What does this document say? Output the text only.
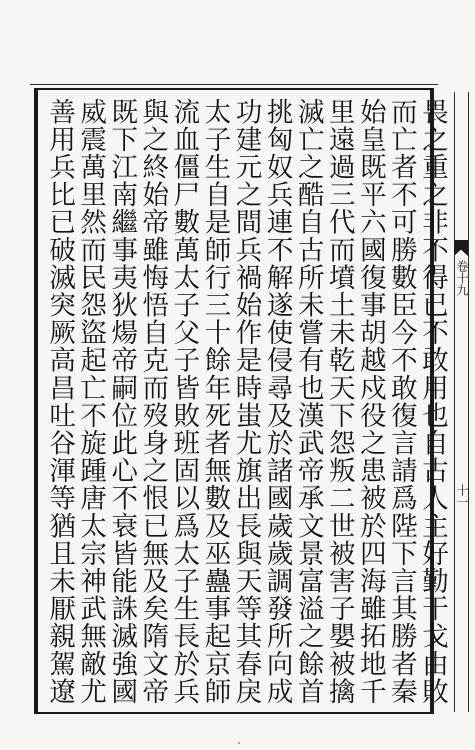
畏之重之非不得已不敢用也自古人主好勤干戈由敗
而亡者不可勝數臣今不敢復言請爲陛下言其勝者秦
始皇既平六國復事胡越戍役之患被於四海雖拓地千
里遠過三代而墳土未乾天下怨叛二世被害子嬰被擒
滅亡之酷自古所未嘗有也漢武帝承文景富溢之餘首
挑匈奴兵連不解遂使侵尋及於諸國歲歲調發所向成
功建元之間兵禍始作是時蚩尤旗出長與天等其春戾
太子生自是師行三十餘年死者無數及巫蠱事起京師
流血僵尸數萬太子父子皆敗班固以爲太子生長於兵
與之終始帝雖悔悟自克而歿身之恨已無及矣隋文帝
既下江南繼事夷狄煬帝嗣位此心不衰皆能誅滅強國
威震萬里然而民怨盜起亡不旋踵唐太宗神武無敵尤
善用兵比已破滅突厥高昌吐谷渾等猶且未厭親駕遼	卷十九
十一
